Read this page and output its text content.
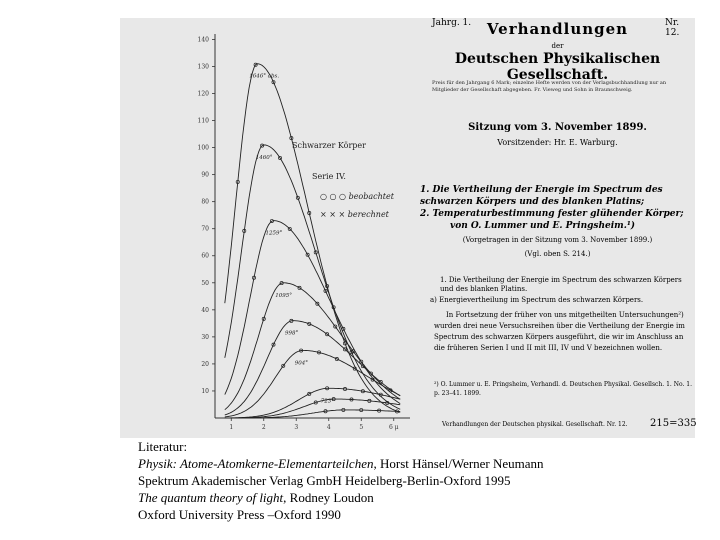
10
20
30
40
50
60
70
80
90
100
110
120
130
140
1	2	3	4	5	6 μ
1646° abs.
1460°
1259°
1095°
998°
904°
723°
Schwarzer Körper
Serie IV.
○ ○ ○ beobachtet
× × × berechnet
Jahrg. 1.	Nr. 12.
Verhandlungen
der
Deutschen Physikalischen Gesellschaft.
Preis für den Jahrgang 6 Mark; einzelne Hefte werden von der Verlagsbuchhandlung nur an Mitglieder der Gesellschaft abgegeben. Fr. Vieweg und Sohn in Braunschweig.
Sitzung vom 3. November 1899.
Vorsitzender: Hr. E. Warburg.
1. Die Vertheilung der Energie im Spectrum des schwarzen Körpers und des blanken Platins;
2. Temperaturbestimmung fester glühender Körper;
von O. Lummer und E. Pringsheim.¹)
(Vorgetragen in der Sitzung vom 3. November 1899.)
(Vgl. oben S. 214.)
1. Die Vertheilung der Energie im Spectrum des schwarzen Körpers und des blanken Platins.
a) Energievertheilung im Spectrum des schwarzen Körpers.
In Fortsetzung der früher von uns mitgetheilten Untersuchungen²) wurden drei neue Versuchsreihen über die Vertheilung der Energie im Spectrum des schwarzen Körpers ausgeführt, die wir im Anschluss an die früheren Serien I und II mit III, IV und V bezeichnen wollen.
²) O. Lummer u. E. Pringsheim, Verhandl. d. Deutschen Physikal. Gesellsch. 1. No. 1. p. 23–41. 1899.
Verhandlungen der Deutschen physikal. Gesellschaft. Nr. 12. 215=335
Literatur:
Physik: Atome-Atomkerne-Elementarteilchen, Horst Hänsel/Werner Neumann
Spektrum Akademischer Verlag GmbH Heidelberg-Berlin-Oxford 1995
The quantum theory of light, Rodney Loudon
Oxford University Press –Oxford 1990
